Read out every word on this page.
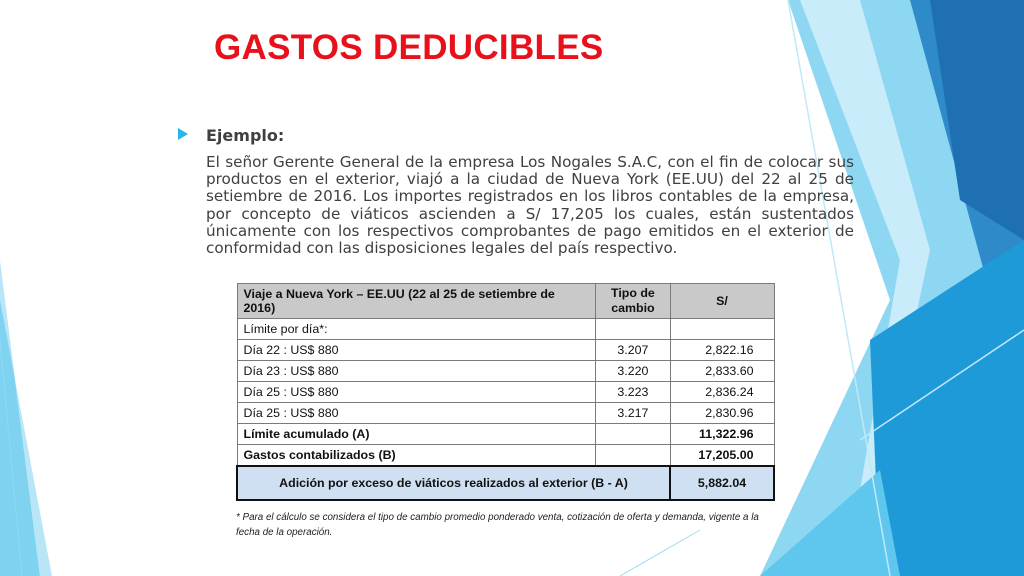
GASTOS DEDUCIBLES
Ejemplo:
El señor Gerente General de la empresa Los Nogales S.A.C, con el fin de colocar sus productos en el exterior, viajó a la ciudad de Nueva York (EE.UU) del 22 al 25 de setiembre de 2016. Los importes registrados en los libros contables de la empresa, por concepto de viáticos ascienden a S/ 17,205 los cuales, están sustentados únicamente con los respectivos comprobantes de pago emitidos en el exterior de conformidad con las disposiciones legales del país respectivo.
Viaje a Nueva York – EE.UU (22 al 25 de setiembre de 2016)	Tipo de cambio	S/
Límite por día*:		
Día 22 : US$ 880	3.207	2,822.16
Día 23 : US$ 880	3.220	2,833.60
Día 25 : US$ 880	3.223	2,836.24
Día 25 : US$ 880	3.217	2,830.96
Límite acumulado (A)		11,322.96
Gastos contabilizados (B)		17,205.00
Adición por exceso de viáticos realizados al exterior (B - A)		5,882.04
* Para el cálculo se considera el tipo de cambio promedio ponderado venta, cotización de oferta y demanda, vigente a la fecha de la operación.
